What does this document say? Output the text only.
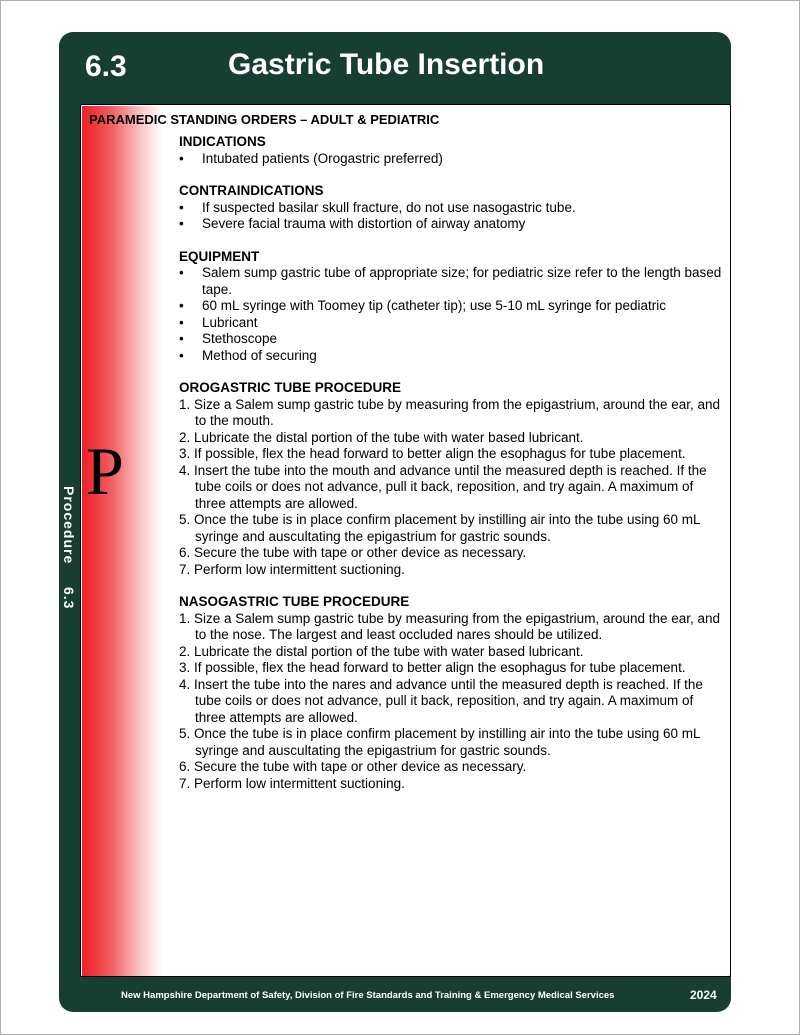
6.3	Gastric Tube Insertion
Procedure 6.3
P
PARAMEDIC STANDING ORDERS – ADULT & PEDIATRIC

INDICATIONS

• Intubated patients (Orogastric preferred)

CONTRAINDICATIONS

• If suspected basilar skull fracture, do not use nasogastric tube.
• Severe facial trauma with distortion of airway anatomy

EQUIPMENT

• Salem sump gastric tube of appropriate size; for pediatric size refer to the length based tape.
• 60 mL syringe with Toomey tip (catheter tip); use 5-10 mL syringe for pediatric
• Lubricant
• Stethoscope
• Method of securing

OROGASTRIC TUBE PROCEDURE

1. Size a Salem sump gastric tube by measuring from the epigastrium, around the ear, and to the mouth.
2. Lubricate the distal portion of the tube with water based lubricant.
3. If possible, flex the head forward to better align the esophagus for tube placement.
4. Insert the tube into the mouth and advance until the measured depth is reached. If the tube coils or does not advance, pull it back, reposition, and try again. A maximum of three attempts are allowed.
5. Once the tube is in place confirm placement by instilling air into the tube using 60 mL syringe and auscultating the epigastrium for gastric sounds.
6. Secure the tube with tape or other device as necessary.
7. Perform low intermittent suctioning.

NASOGASTRIC TUBE PROCEDURE

1. Size a Salem sump gastric tube by measuring from the epigastrium, around the ear, and to the nose. The largest and least occluded nares should be utilized.
2. Lubricate the distal portion of the tube with water based lubricant.
3. If possible, flex the head forward to better align the esophagus for tube placement.
4. Insert the tube into the nares and advance until the measured depth is reached. If the tube coils or does not advance, pull it back, reposition, and try again. A maximum of three attempts are allowed.
5. Once the tube is in place confirm placement by instilling air into the tube using 60 mL syringe and auscultating the epigastrium for gastric sounds.
6. Secure the tube with tape or other device as necessary.
7. Perform low intermittent suctioning.
New Hampshire Department of Safety, Division of Fire Standards and Training & Emergency Medical Services	2024
